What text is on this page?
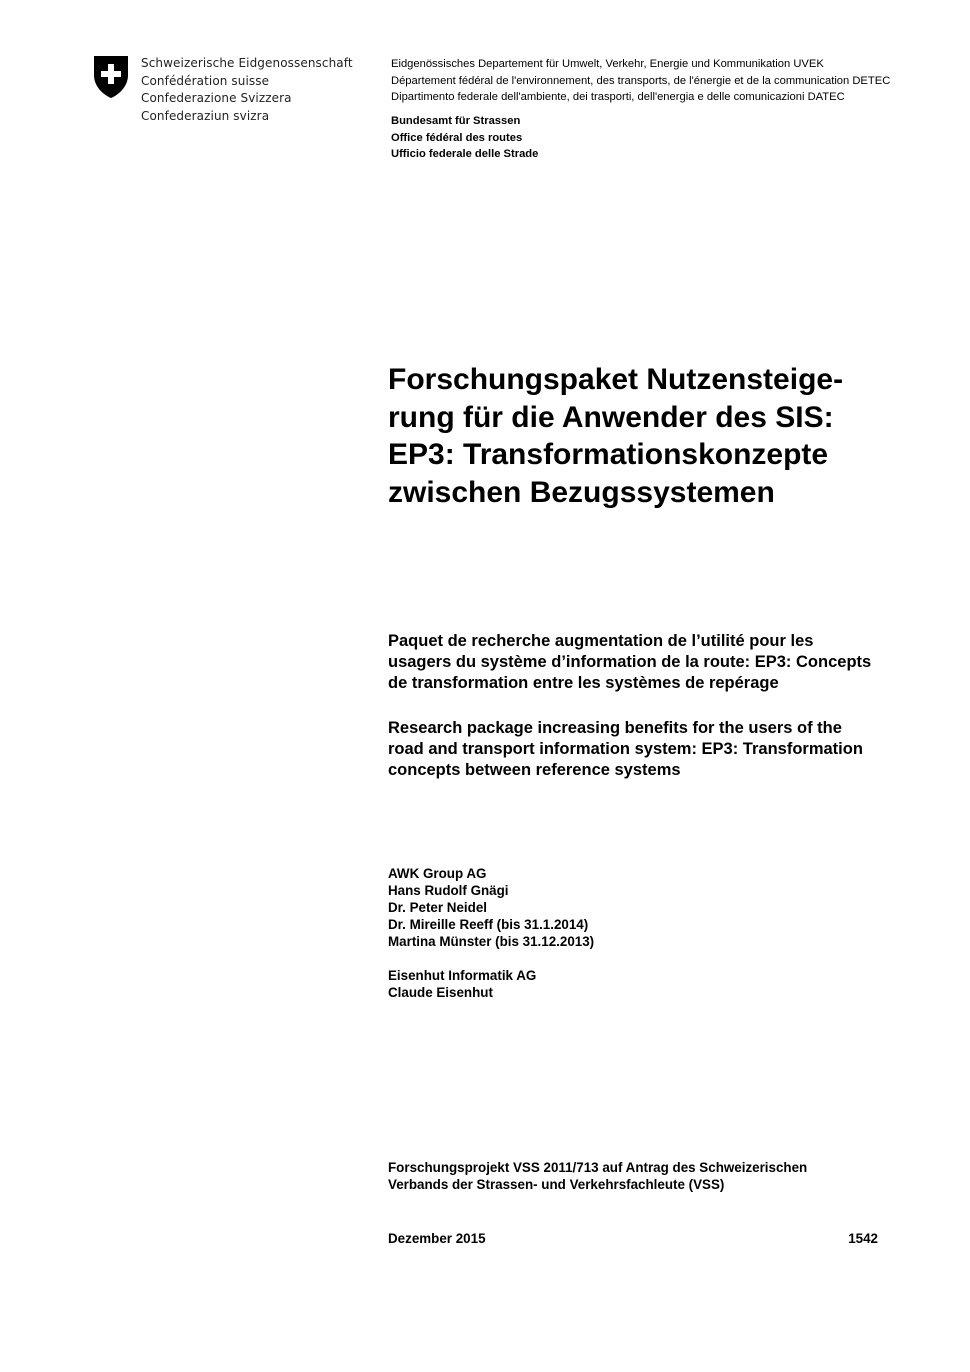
Schweizerische Eidgenossenschaft
Confédération suisse
Confederazione Svizzera
Confederaziun svizra
Eidgenössisches Departement für Umwelt, Verkehr, Energie und Kommunikation UVEK
Département fédéral de l'environnement, des transports, de l'énergie et de la communication DETEC
Dipartimento federale dell'ambiente, dei trasporti, dell'energia e delle comunicazioni DATEC
Bundesamt für Strassen
Office fédéral des routes
Ufficio federale delle Strade
Forschungspaket Nutzensteige-
rung für die Anwender des SIS:
EP3: Transformationskonzepte
zwischen Bezugssystemen
Paquet de recherche augmentation de l’utilité pour les
usagers du système d’information de la route: EP3: Concepts
de transformation entre les systèmes de repérage
Research package increasing benefits for the users of the
road and transport information system: EP3: Transformation
concepts between reference systems
AWK Group AG
Hans Rudolf Gnägi
Dr. Peter Neidel
Dr. Mireille Reeff (bis 31.1.2014)
Martina Münster (bis 31.12.2013)
Eisenhut Informatik AG
Claude Eisenhut
Forschungsprojekt VSS 2011/713 auf Antrag des Schweizerischen
Verbands der Strassen- und Verkehrsfachleute (VSS)
Dezember 2015	1542
